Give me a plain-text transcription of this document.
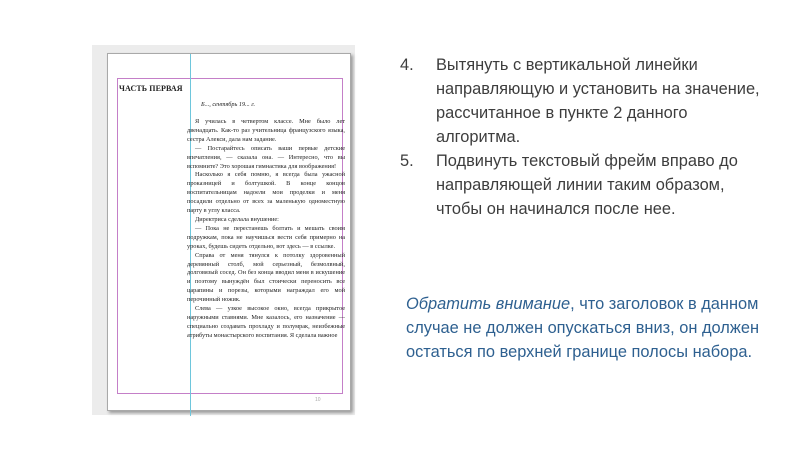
ЧАСТЬ ПЕРВАЯ
Б..., сентябрь 19... г.

Я училась в четвертом классе. Мне было лет двенадцать. Как-то раз учительница французского языка, сестра Алекси, дала нам задание.

— Постарайтесь описать ваши первые детские впечатления, — сказала она. — Интересно, что вы вспомните? Это хорошая гимнастика для воображения!

Насколько я себя помню, я всегда была ужасной проказницей и болтушкой. В конце концов воспитательницам надоели мои проделки и меня посадили отдельно от всех за маленькую одноместную парту в углу класса.

Директриса сделала внушение:

— Пока не перестанешь болтать и мешать своим подружкам, пока не научишься вести себя примерно на уроках, будешь сидеть отдельно, вот здесь — в ссылке.

Справа от меня тянулся к потолку здоровенный деревянный столб, мой серьезный, безмолвный, долговязый сосед. Он без конца вводил меня в искушение и поэтому вынуждён был стоически переносить все царапины и порезы, которыми награждал его мой перочинный ножик.

Слева — узкое высокое окно, всегда прикрытое наружными ставнями. Мне казалось, его назначение — специально создавать прохладу и полумрак, неизбежные атрибуты монастырского воспитания. Я сделала важное

10
4. Вытянуть с вертикальной линейки направляющую и установить на значение, рассчитанное в пункте 2 данного алгоритма.
5. Подвинуть текстовый фрейм вправо до направляющей линии таким образом, чтобы он начинался после нее.

Обратить внимание, что заголовок в данном случае не должен опускаться вниз, он должен остаться по верхней границе полосы набора.
